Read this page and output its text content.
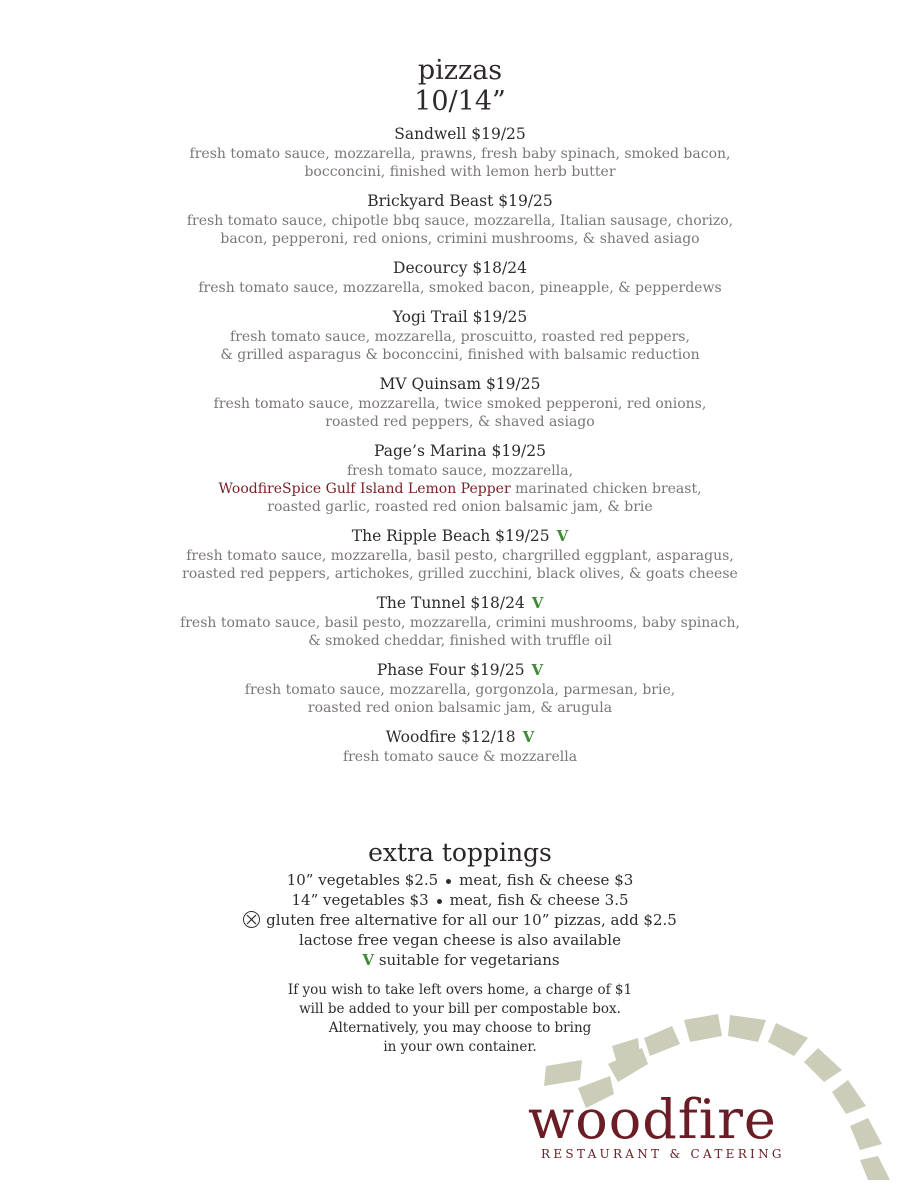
pizzas
10/14”
Sandwell $19/25
fresh tomato sauce, mozzarella, prawns, fresh baby spinach, smoked bacon,
bocconcini, finished with lemon herb butter
Brickyard Beast $19/25
fresh tomato sauce, chipotle bbq sauce, mozzarella, Italian sausage, chorizo,
bacon, pepperoni, red onions, crimini mushrooms, & shaved asiago
Decourcy $18/24
fresh tomato sauce, mozzarella, smoked bacon, pineapple, & pepperdews
Yogi Trail $19/25
fresh tomato sauce, mozzarella, proscuitto, roasted red peppers,
& grilled asparagus & boconccini, finished with balsamic reduction
MV Quinsam $19/25
fresh tomato sauce, mozzarella, twice smoked pepperoni, red onions,
roasted red peppers, & shaved asiago
Page’s Marina $19/25
fresh tomato sauce, mozzarella,
WoodfireSpice Gulf Island Lemon Pepper marinated chicken breast,
roasted garlic, roasted red onion balsamic jam, & brie
The Ripple Beach $19/25 V
fresh tomato sauce, mozzarella, basil pesto, chargrilled eggplant, asparagus,
roasted red peppers, artichokes, grilled zucchini, black olives, & goats cheese
The Tunnel $18/24 V
fresh tomato sauce, basil pesto, mozzarella, crimini mushrooms, baby spinach,
& smoked cheddar, finished with truffle oil
Phase Four $19/25 V
fresh tomato sauce, mozzarella, gorgonzola, parmesan, brie,
roasted red onion balsamic jam, & arugula
Woodfire $12/18 V
fresh tomato sauce & mozzarella
extra toppings
10” vegetables $2.5 meat, fish & cheese $3
14” vegetables $3 meat, fish & cheese 3.5
gluten free alternative for all our 10” pizzas, add $2.5
lactose free vegan cheese is also available
V suitable for vegetarians
If you wish to take left overs home, a charge of $1
will be added to your bill per compostable box.
Alternatively, you may choose to bring
in your own container.
woodfire
RESTAURANT & CATERING
